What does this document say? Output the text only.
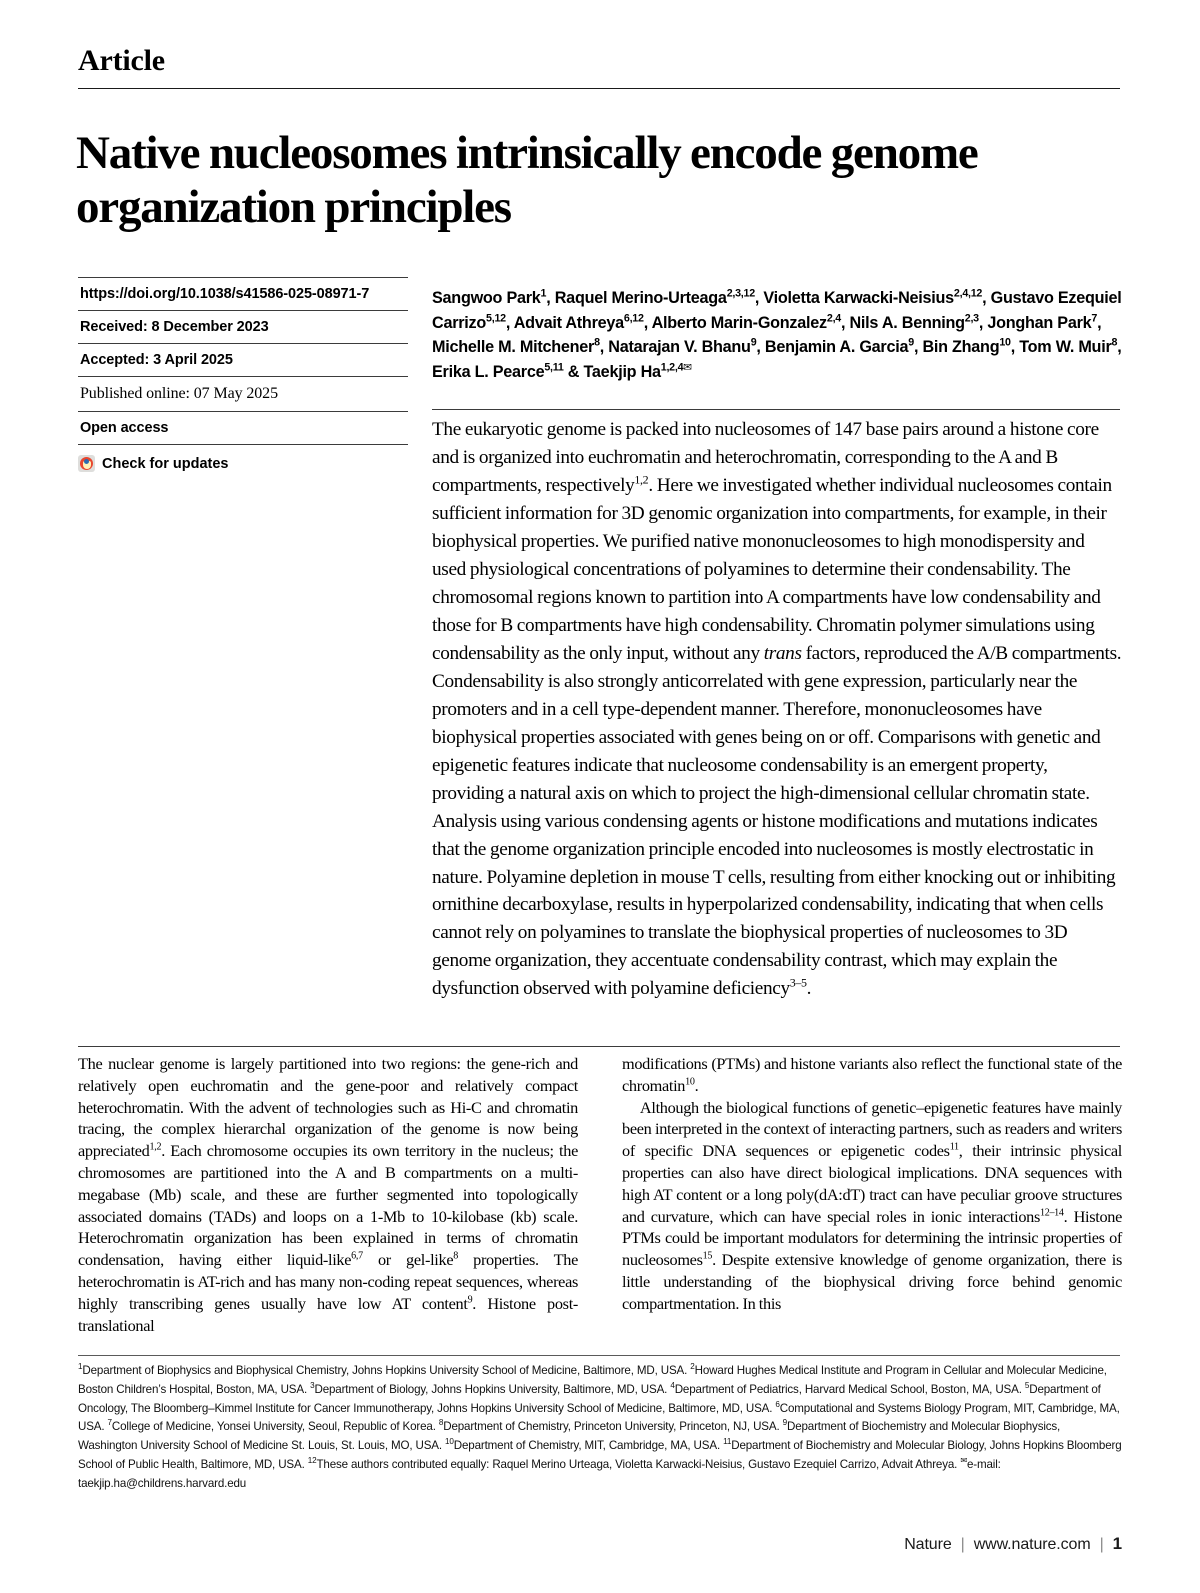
Article
Native nucleosomes intrinsically encode genome organization principles
https://doi.org/10.1038/s41586-025-08971-7
Received: 8 December 2023
Accepted: 3 April 2025
Published online: 07 May 2025
Open access
Check for updates
Sangwoo Park$^1$, Raquel Merino-Urteaga$^{2,3,12}$, Violetta Karwacki-Neisius$^{2,4,12}$, Gustavo Ezequiel Carrizo$^{5,12}$, Advait Athreya$^{6,12}$, Alberto Marin-Gonzalez$^{2,4}$, Nils A. Benning$^{2,3}$, Jonghan Park$^7$, Michelle M. Mitchener$^8$, Natarajan V. Bhanu$^9$, Benjamin A. Garcia$^9$, Bin Zhang$^{10}$, Tom W. Muir$^8$, Erika L. Pearce$^{5,11}$ & Taekjip $Ha^{1,2,4✉}$
The eukaryotic genome is packed into nucleosomes of 147 base pairs around a histone core and is organized into euchromatin and heterochromatin, corresponding to the A and B compartments, respectively$^{1,2}$. Here we investigated whether individual nucleosomes contain sufficient information for 3D genomic organization into compartments, for example, in their biophysical properties. We purified native mononucleosomes to high monodispersity and used physiological concentrations of polyamines to determine their condensability. The chromosomal regions known to partition into A compartments have low condensability and those for B compartments have high condensability. Chromatin polymer simulations using condensability as the only input, without any trans factors, reproduced the A/B compartments. Condensability is also strongly anticorrelated with gene expression, particularly near the promoters and in a cell type-dependent manner. Therefore, mononucleosomes have biophysical properties associated with genes being on or off. Comparisons with genetic and epigenetic features indicate that nucleosome condensability is an emergent property, providing a natural axis on which to project the high-dimensional cellular chromatin state. Analysis using various condensing agents or histone modifications and mutations indicates that the genome organization principle encoded into nucleosomes is mostly electrostatic in nature. Polyamine depletion in mouse T cells, resulting from either knocking out or inhibiting ornithine decarboxylase, results in hyperpolarized condensability, indicating that when cells cannot rely on polyamines to translate the biophysical properties of nucleosomes to 3D genome organization, they accentuate condensability contrast, which may explain the dysfunction observed with polyamine deficiency$^{3-5}$.

The nuclear genome is largely partitioned into two regions: the gene-rich and relatively open euchromatin and the gene-poor and relatively compact heterochromatin. With the advent of technologies such as Hi-C and chromatin tracing, the complex hierarchal organization of the genome is now being appreciated$^{1,2}$. Each chromosome occupies its own territory in the nucleus; the chromosomes are partitioned into the A and B compartments on a multi-megabase (Mb) scale, and these are further segmented into topologically associated domains (TADs) and loops on a 1-Mb to 10-kilobase (kb) scale. Heterochromatin organization has been explained in terms of chromatin condensation, having either liquid-like$^{6,7}$ or gel-like$^8$ properties. The heterochromatin is AT-rich and has many non-coding repeat sequences, whereas highly transcribing genes usually have low AT content$^9$. Histone post-translational

modifications (PTMs) and histone variants also reflect the functional state of the chromatin$^{10}$.

Although the biological functions of genetic–epigenetic features have mainly been interpreted in the context of interacting partners, such as readers and writers of specific DNA sequences or epigenetic codes$^{11}$, their intrinsic physical properties can also have direct biological implications. DNA sequences with high AT content or a long poly(dA:dT) tract can have peculiar groove structures and curvature, which can have special roles in ionic interactions$^{12-14}$. Histone PTMs could be important modulators for determining the intrinsic properties of nucleosomes$^{15}$. Despite extensive knowledge of genome organization, there is little understanding of the biophysical driving force behind genomic compartmentation. In this

$^1$Department of Biophysics and Biophysical Chemistry, Johns Hopkins University School of Medicine, Baltimore, MD, USA. $^2$Howard Hughes Medical Institute and Program in Cellular and Molecular Medicine, Boston Children’s Hospital, Boston, MA, USA. $^3$Department of Biology, Johns Hopkins University, Baltimore, MD, USA. $^4$Department of Pediatrics, Harvard Medical School, Boston, MA, USA. $^5$Department of Oncology, The Bloomberg–Kimmel Institute for Cancer Immunotherapy, Johns Hopkins University School of Medicine, Baltimore, MD, USA. $^6$Computational and Systems Biology Program, MIT, Cambridge, MA, USA. $^7$College of Medicine, Yonsei University, Seoul, Republic of Korea. $^8$Department of Chemistry, Princeton University, Princeton, NJ, USA. $^9$Department of Biochemistry and Molecular Biophysics, Washington University School of Medicine St. Louis, St. Louis, MO, USA. $^{10}$Department of Chemistry, MIT, Cambridge, MA, USA. $^{11}$Department of Biochemistry and Molecular Biology, Johns Hopkins Bloomberg School of Public Health, Baltimore, MD, USA. $^{12}$These authors contributed equally: Raquel Merino Urteaga, Violetta Karwacki-Neisius, Gustavo Ezequiel Carrizo, Advait Athreya. ✉e-mail: taekjip.ha@childrens.harvard.edu
Nature | www.nature.com | 1
